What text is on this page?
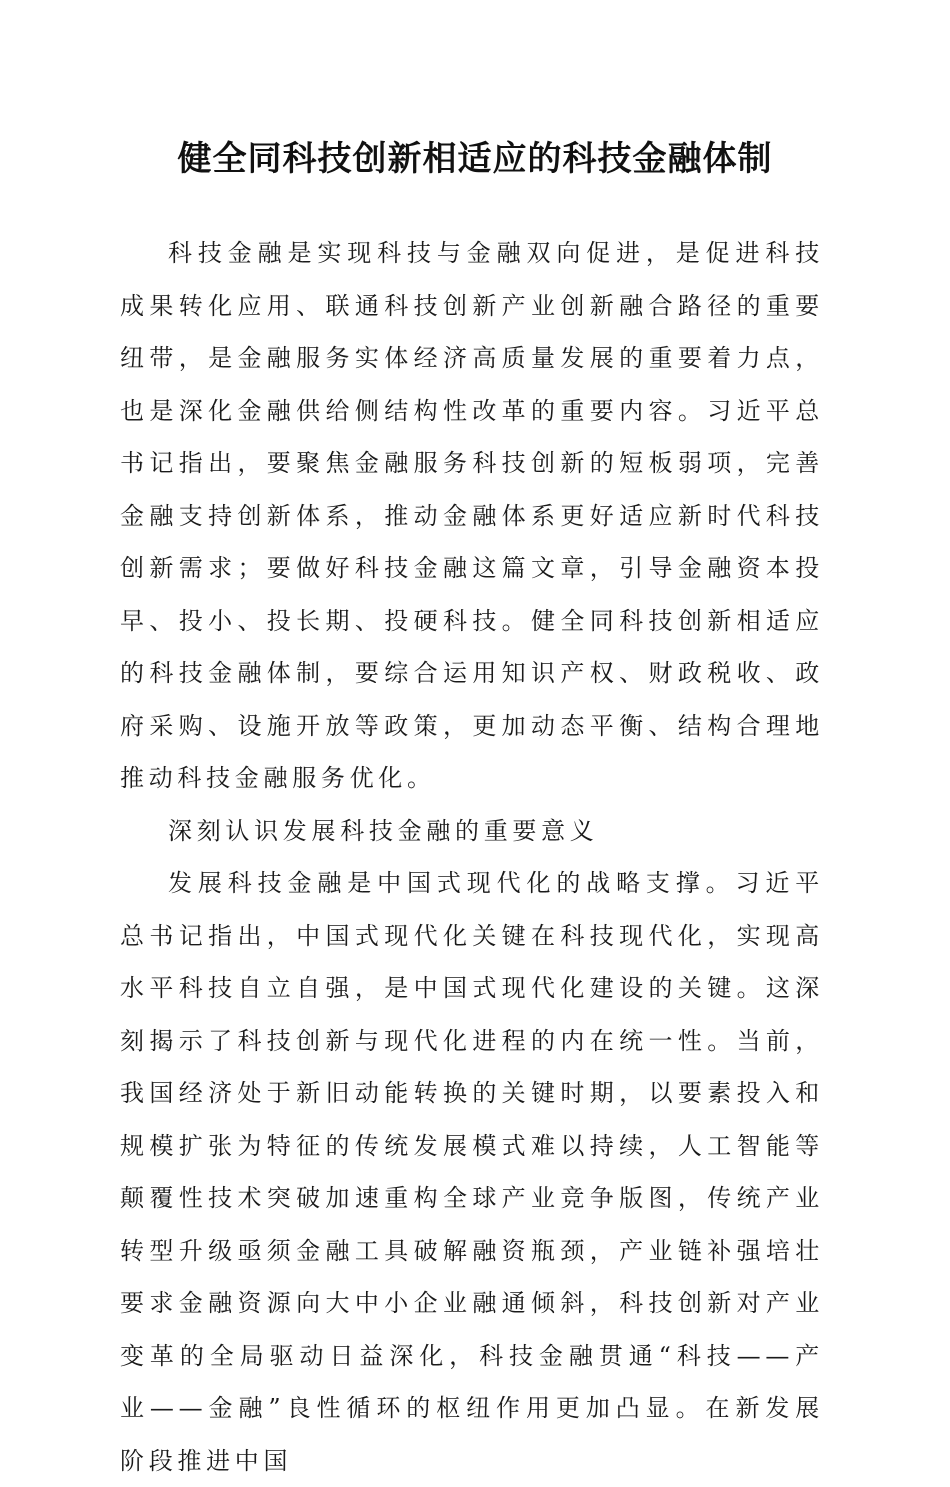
健全同科技创新相适应的科技金融体制

科技金融是实现科技与金融双向促进，是促进科技成果转化应用、联通科技创新产业创新融合路径的重要纽带，是金融服务实体经济高质量发展的重要着力点，也是深化金融供给侧结构性改革的重要内容。习近平总书记指出，要聚焦金融服务科技创新的短板弱项，完善金融支持创新体系，推动金融体系更好适应新时代科技创新需求；要做好科技金融这篇文章，引导金融资本投早、投小、投长期、投硬科技。健全同科技创新相适应的科技金融体制，要综合运用知识产权、财政税收、政府采购、设施开放等政策，更加动态平衡、结构合理地推动科技金融服务优化。

深刻认识发展科技金融的重要意义

发展科技金融是中国式现代化的战略支撑。习近平总书记指出，中国式现代化关键在科技现代化，实现高水平科技自立自强，是中国式现代化建设的关键。这深刻揭示了科技创新与现代化进程的内在统一性。当前，我国经济处于新旧动能转换的关键时期，以要素投入和规模扩张为特征的传统发展模式难以持续，人工智能等颠覆性技术突破加速重构全球产业竞争版图，传统产业转型升级亟须金融工具破解融资瓶颈，产业链补强培壮要求金融资源向大中小企业融通倾斜，科技创新对产业变革的全局驱动日益深化，科技金融贯通“科技——产业——金融”良性循环的枢纽作用更加凸显。在新发展阶段推进中国
